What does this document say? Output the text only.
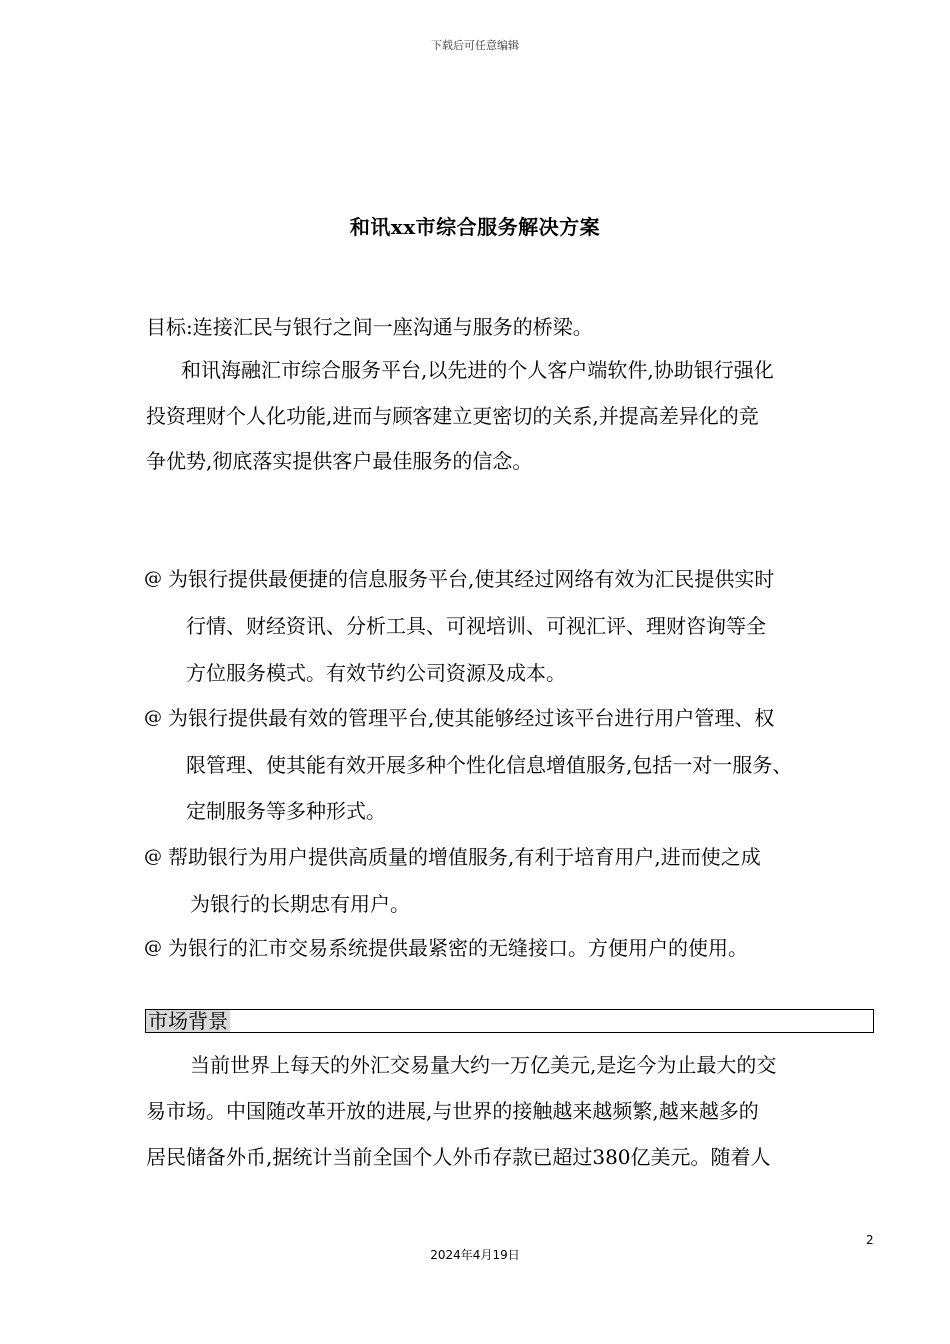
下载后可任意编辑
和讯xx市综合服务解决方案
目标:连接汇民与银行之间一座沟通与服务的桥梁。
和讯海融汇市综合服务平台,以先进的个人客户端软件,协助银行强化
投资理财个人化功能,进而与顾客建立更密切的关系,并提高差异化的竞
争优势,彻底落实提供客户最佳服务的信念。
@ 为银行提供最便捷的信息服务平台,使其经过网络有效为汇民提供实时
行情、财经资讯、分析工具、可视培训、可视汇评、理财咨询等全
方位服务模式。有效节约公司资源及成本。
@ 为银行提供最有效的管理平台,使其能够经过该平台进行用户管理、权
限管理、使其能有效开展多种个性化信息增值服务,包括一对一服务、
定制服务等多种形式。
@ 帮助银行为用户提供高质量的增值服务,有利于培育用户,进而使之成
为银行的长期忠有用户。
@ 为银行的汇市交易系统提供最紧密的无缝接口。方便用户的使用。
市场背景
当前世界上每天的外汇交易量大约一万亿美元,是迄今为止最大的交
易市场。中国随改革开放的进展,与世界的接触越来越频繁,越来越多的
居民储备外币,据统计当前全国个人外币存款已超过380亿美元。随着人
2
2024年4月19日
